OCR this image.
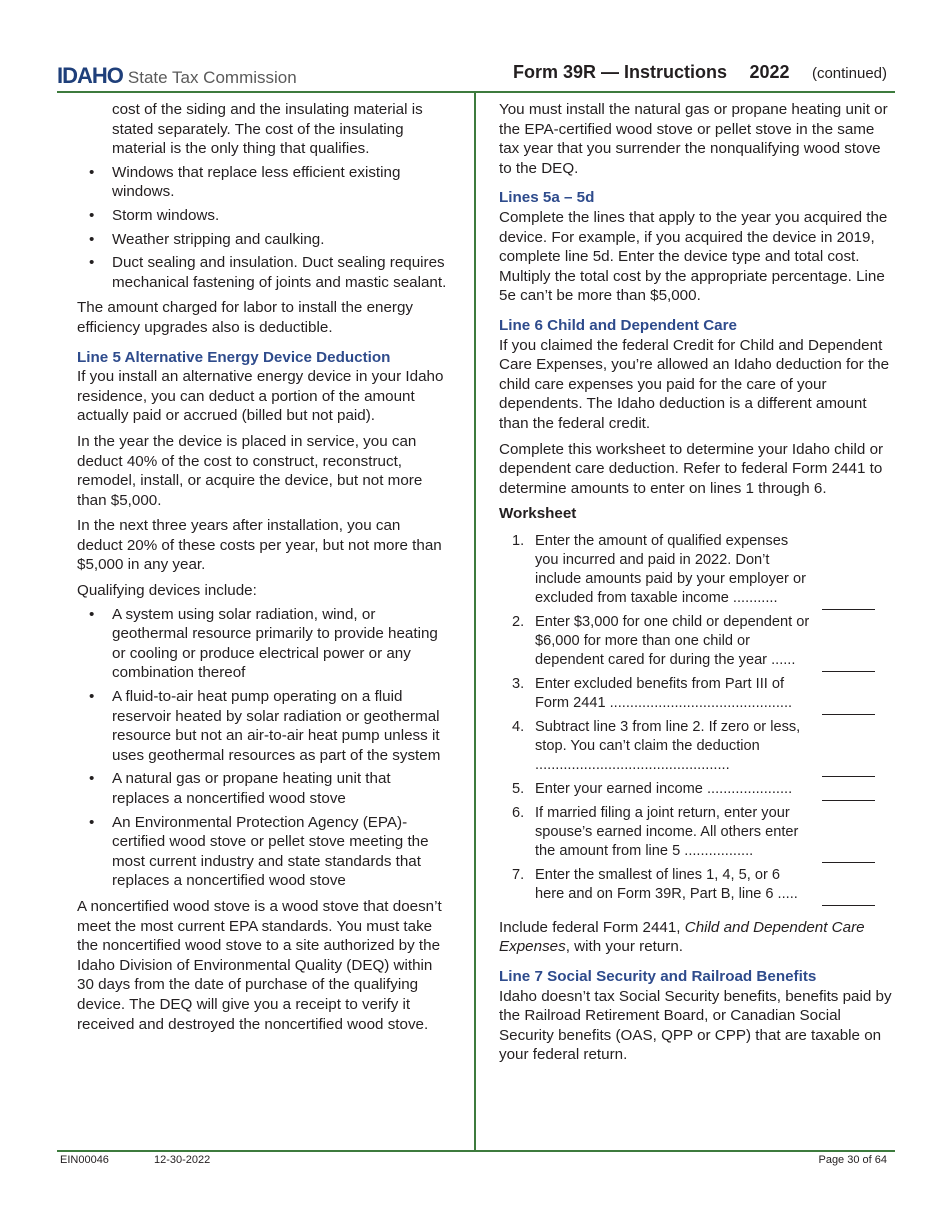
IDAHO State Tax Commission	Form 39R — Instructions 2022 (continued)
cost of the siding and the insulating material is stated separately. The cost of the insulating material is the only thing that qualifies.
• Windows that replace less efficient existing windows.
• Storm windows.
• Weather stripping and caulking.
• Duct sealing and insulation. Duct sealing requires mechanical fastening of joints and mastic sealant.

The amount charged for labor to install the energy efficiency upgrades also is deductible.

Line 5 Alternative Energy Device Deduction

If you install an alternative energy device in your Idaho residence, you can deduct a portion of the amount actually paid or accrued (billed but not paid).

In the year the device is placed in service, you can deduct 40% of the cost to construct, reconstruct, remodel, install, or acquire the device, but not more than $5,000.

In the next three years after installation, you can deduct 20% of these costs per year, but not more than $5,000 in any year.

Qualifying devices include:

• A system using solar radiation, wind, or geothermal resource primarily to provide heating or cooling or produce electrical power or any combination thereof
• A fluid-to-air heat pump operating on a fluid reservoir heated by solar radiation or geothermal resource but not an air-to-air heat pump unless it uses geothermal resources as part of the system
• A natural gas or propane heating unit that replaces a noncertified wood stove
• An Environmental Protection Agency (EPA)-certified wood stove or pellet stove meeting the most current industry and state standards that replaces a noncertified wood stove

A noncertified wood stove is a wood stove that doesn’t meet the most current EPA standards. You must take the noncertified wood stove to a site authorized by the Idaho Division of Environmental Quality (DEQ) within 30 days from the date of purchase of the qualifying device. The DEQ will give you a receipt to verify it received and destroyed the noncertified wood stove.

You must install the natural gas or propane heating unit or the EPA-certified wood stove or pellet stove in the same tax year that you surrender the nonqualifying wood stove to the DEQ.

Lines 5a – 5d

Complete the lines that apply to the year you acquired the device. For example, if you acquired the device in 2019, complete line 5d. Enter the device type and total cost. Multiply the total cost by the appropriate percentage. Line 5e can’t be more than $5,000.

Line 6 Child and Dependent Care

If you claimed the federal Credit for Child and Dependent Care Expenses, you’re allowed an Idaho deduction for the child care expenses you paid for the care of your dependents. The Idaho deduction is a different amount than the federal credit.

Complete this worksheet to determine your Idaho child or dependent care deduction. Refer to federal Form 2441 to determine amounts to enter on lines 1 through 6.

Worksheet
1. Enter the amount of qualified expenses you incurred and paid in 2022. Don’t include amounts paid by your employer or excluded from taxable income ...........
2. Enter $3,000 for one child or dependent or $6,000 for more than one child or dependent cared for during the year ......
3. Enter excluded benefits from Part III of Form 2441 .............................................
4. Subtract line 3 from line 2. If zero or less, stop. You can’t claim the deduction ................................................
5. Enter your earned income .....................
6. If married filing a joint return, enter your spouse’s earned income. All others enter the amount from line 5 .................
7. Enter the smallest of lines 1, 4, 5, or 6 here and on Form 39R, Part B, line 6 .....

Include federal Form 2441, Child and Dependent Care Expenses, with your return.

Line 7 Social Security and Railroad Benefits

Idaho doesn’t tax Social Security benefits, benefits paid by the Railroad Retirement Board, or Canadian Social Security benefits (OAS, QPP or CPP) that are taxable on your federal return.

EIN00046	12-30-2022	Page 30 of 64
